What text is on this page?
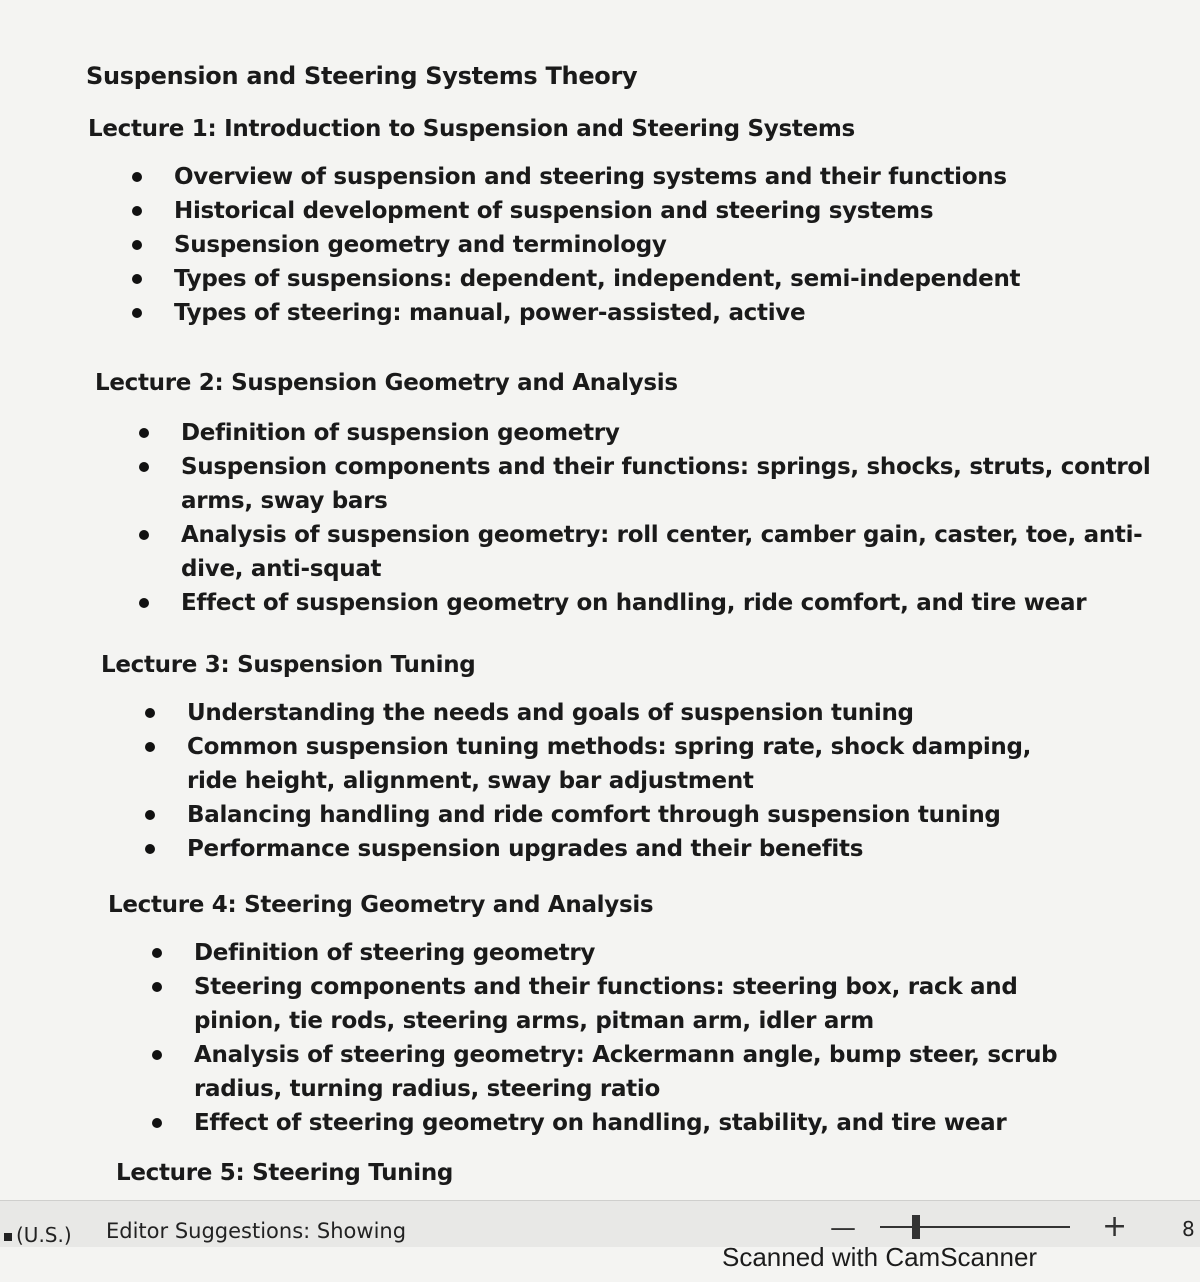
Suspension and Steering Systems Theory
Lecture 1: Introduction to Suspension and Steering Systems
Overview of suspension and steering systems and their functions
Historical development of suspension and steering systems
Suspension geometry and terminology
Types of suspensions: dependent, independent, semi-independent
Types of steering: manual, power-assisted, active
Lecture 2: Suspension Geometry and Analysis
Definition of suspension geometry
Suspension components and their functions: springs, shocks, struts, control arms, sway bars
Analysis of suspension geometry: roll center, camber gain, caster, toe, anti-dive, anti-squat
Effect of suspension geometry on handling, ride comfort, and tire wear
Lecture 3: Suspension Tuning
Understanding the needs and goals of suspension tuning
Common suspension tuning methods: spring rate, shock damping, ride height, alignment, sway bar adjustment
Balancing handling and ride comfort through suspension tuning
Performance suspension upgrades and their benefits
Lecture 4: Steering Geometry and Analysis
Definition of steering geometry
Steering components and their functions: steering box, rack and pinion, tie rods, steering arms, pitman arm, idler arm
Analysis of steering geometry: Ackermann angle, bump steer, scrub radius, turning radius, steering ratio
Effect of steering geometry on handling, stability, and tire wear
Lecture 5: Steering Tuning
(U.S.) Editor Suggestions: Showing	—	+	8
Scanned with CamScanner
